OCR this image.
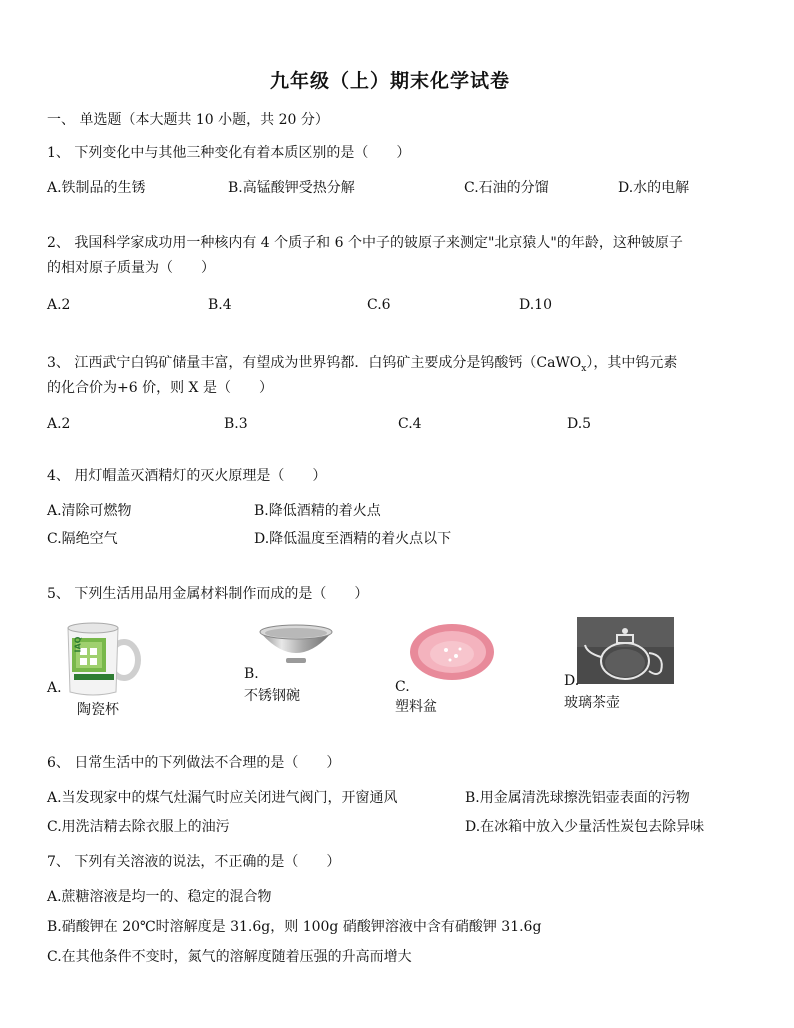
九年级（上）期末化学试卷
一、 单选题（本大题共 10 小题，共 20 分）
1、 下列变化中与其他三种变化有着本质区别的是（　　）
A.铁制品的生锈	B.高锰酸钾受热分解	C.石油的分馏	D.水的电解
2、 我国科学家成功用一种核内有 4 个质子和 6 个中子的铍原子来测定"北京猿人"的年龄，这种铍原子
的相对原子质量为（　　）
A.2	B.4	C.6	D.10
3、 江西武宁白钨矿储量丰富，有望成为世界钨都．白钨矿主要成分是钨酸钙（CaWO$_x$），其中钨元素
的化合价为+6 价，则 X 是（　　）
A.2	B.3	C.4	D.5
4、 用灯帽盖灭酒精灯的灭火原理是（　　）
A.清除可燃物	B.降低酒精的着火点
C.隔绝空气	D.降低温度至酒精的着火点以下
5、 下列生活用品用金属材料制作而成的是（　　）
IAQ
A.
陶瓷杯
B.
不锈钢碗
C.
塑料盆
D.
玻璃茶壶
6、 日常生活中的下列做法不合理的是（　　）
A.当发现家中的煤气灶漏气时应关闭进气阀门，开窗通风	B.用金属清洗球擦洗铝壶表面的污物
C.用洗洁精去除衣服上的油污	D.在冰箱中放入少量活性炭包去除异味
7、 下列有关溶液的说法，不正确的是（　　）
A.蔗糖溶液是均一的、稳定的混合物
B.硝酸钾在 20℃时溶解度是 31.6g，则 100g 硝酸钾溶液中含有硝酸钾 31.6g
C.在其他条件不变时，氮气的溶解度随着压强的升高而增大
